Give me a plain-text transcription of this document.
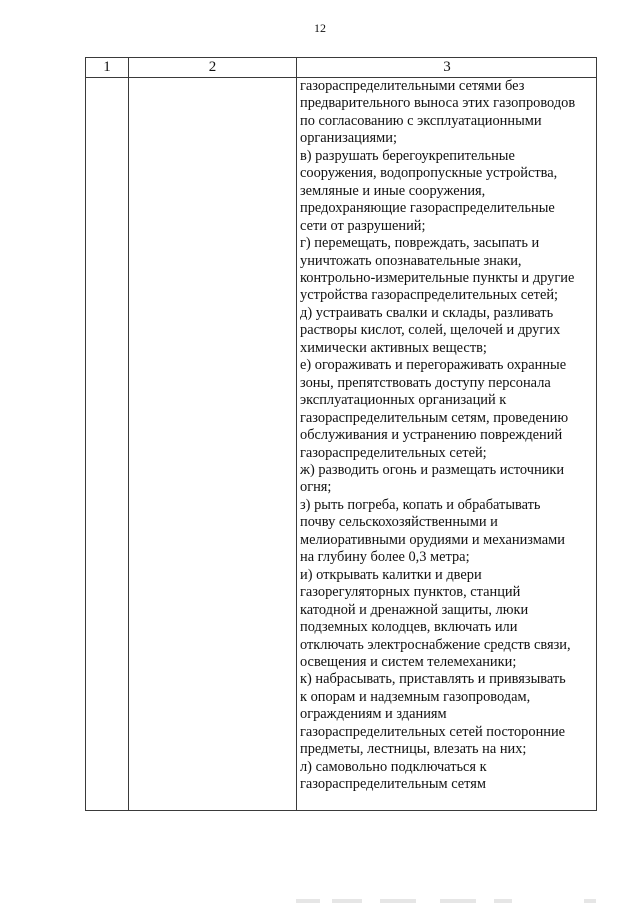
12
1	2	3
газораспределительными сетями без
предварительного выноса этих газопроводов
по согласованию с эксплуатационными
организациями;
в) разрушать берегоукрепительные
сооружения, водопропускные устройства,
земляные и иные сооружения,
предохраняющие газораспределительные
сети от разрушений;
г) перемещать, повреждать, засыпать и
уничтожать опознавательные знаки,
контрольно-измерительные пункты и другие
устройства газораспределительных сетей;
д) устраивать свалки и склады, разливать
растворы кислот, солей, щелочей и других
химически активных веществ;
е) огораживать и перегораживать охранные
зоны, препятствовать доступу персонала
эксплуатационных организаций к
газораспределительным сетям, проведению
обслуживания и устранению повреждений
газораспределительных сетей;
ж) разводить огонь и размещать источники
огня;
з) рыть погреба, копать и обрабатывать
почву сельскохозяйственными и
мелиоративными орудиями и механизмами
на глубину более 0,3 метра;
и) открывать калитки и двери
газорегуляторных пунктов, станций
катодной и дренажной защиты, люки
подземных колодцев, включать или
отключать электроснабжение средств связи,
освещения и систем телемеханики;
к) набрасывать, приставлять и привязывать
к опорам и надземным газопроводам,
ограждениям и зданиям
газораспределительных сетей посторонние
предметы, лестницы, влезать на них;
л) самовольно подключаться к
газораспределительным сетям
